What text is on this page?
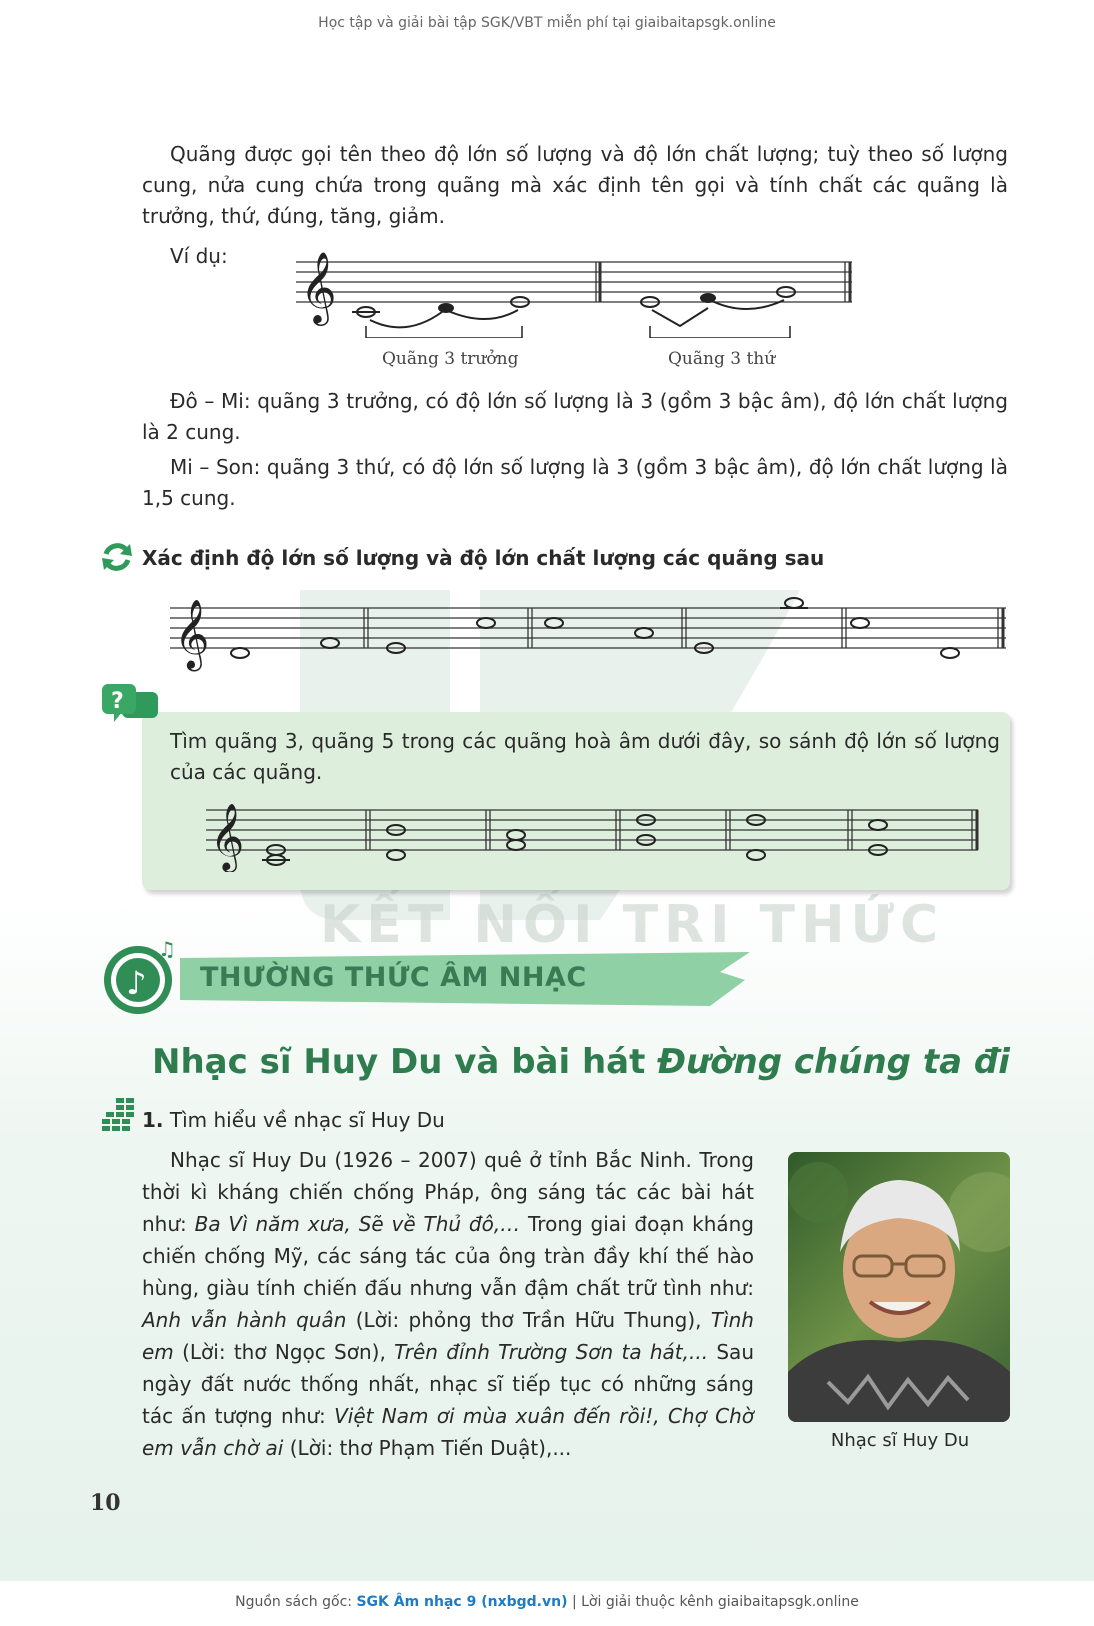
Học tập và giải bài tập SGK/VBT miễn phí tại giaibaitapsgk.online
KẾT NỐI TRI THỨC
Quãng được gọi tên theo độ lớn số lượng và độ lớn chất lượng; tuỳ theo số lượng cung, nửa cung chứa trong quãng mà xác định tên gọi và tính chất các quãng là trưởng, thứ, đúng, tăng, giảm.
Ví dụ: 𝄞
Quãng 3 trưởng	Quãng 3 thứ
Đô – Mi: quãng 3 trưởng, có độ lớn số lượng là 3 (gồm 3 bậc âm), độ lớn chất lượng là 2 cung.
Mi – Son: quãng 3 thứ, có độ lớn số lượng là 3 (gồm 3 bậc âm), độ lớn chất lượng là 1,5 cung.
Xác định độ lớn số lượng và độ lớn chất lượng các quãng sau
𝄞
?
Tìm quãng 3, quãng 5 trong các quãng hoà âm dưới đây, so sánh độ lớn số lượng của các quãng.
𝄞
♪
♫
THƯỜNG THỨC ÂM NHẠC
Nhạc sĩ Huy Du và bài hát Đường chúng ta đi
1. Tìm hiểu về nhạc sĩ Huy Du
Nhạc sĩ Huy Du (1926 – 2007) quê ở tỉnh Bắc Ninh. Trong thời kì kháng chiến chống Pháp, ông sáng tác các bài hát như: Ba Vì năm xưa, Sẽ về Thủ đô,… Trong giai đoạn kháng chiến chống Mỹ, các sáng tác của ông tràn đầy khí thế hào hùng, giàu tính chiến đấu nhưng vẫn đậm chất trữ tình như: Anh vẫn hành quân (Lời: phỏng thơ Trần Hữu Thung), Tình em (Lời: thơ Ngọc Sơn), Trên đỉnh Trường Sơn ta hát,... Sau ngày đất nước thống nhất, nhạc sĩ tiếp tục có những sáng tác ấn tượng như: Việt Nam ơi mùa xuân đến rồi!, Chợ Chờ em vẫn chờ ai (Lời: thơ Phạm Tiến Duật),...	Nhạc sĩ Huy Du
10
Nguồn sách gốc: SGK Âm nhạc 9 (nxbgd.vn) | Lời giải thuộc kênh giaibaitapsgk.online
